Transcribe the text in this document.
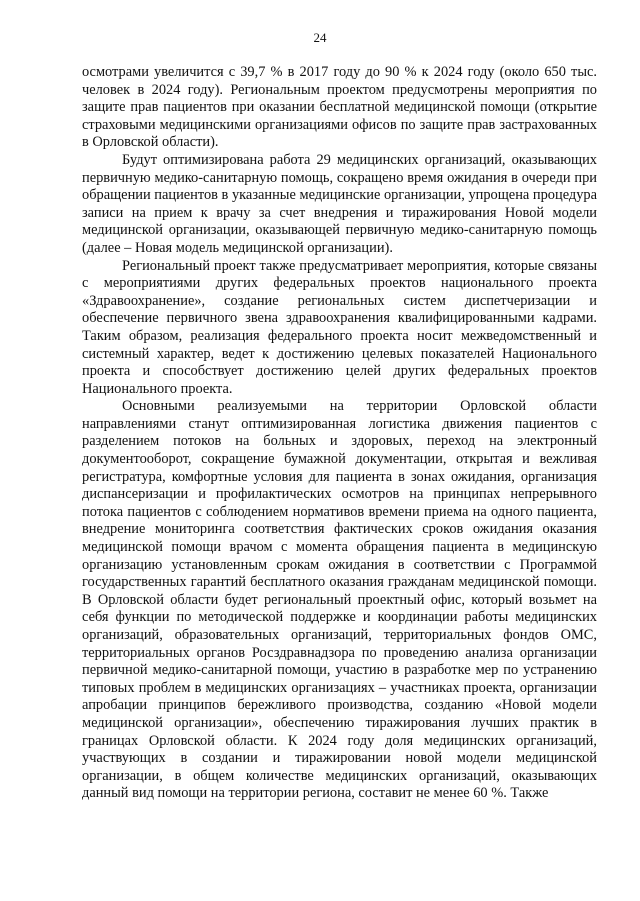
24

осмотрами увеличится с 39,7 % в 2017 году до 90 % к 2024 году (около 650 тыс. человек в 2024 году). Региональным проектом предусмотрены мероприятия по защите прав пациентов при оказании бесплатной медицинской помощи (открытие страховыми медицинскими организациями офисов по защите прав застрахованных в Орловской области).

Будут оптимизирована работа 29 медицинских организаций, оказывающих первичную медико-санитарную помощь, сокращено время ожидания в очереди при обращении пациентов в указанные медицинские организации, упрощена процедура записи на прием к врачу за счет внедрения и тиражирования Новой модели медицинской организации, оказывающей первичную медико-санитарную помощь (далее – Новая модель медицинской организации).

Региональный проект также предусматривает мероприятия, которые связаны с мероприятиями других федеральных проектов национального проекта «Здравоохранение», создание региональных систем диспетчеризации и обеспечение первичного звена здравоохранения квалифицированными кадрами. Таким образом, реализация федерального проекта носит межведомственный и системный характер, ведет к достижению целевых показателей Национального проекта и способствует достижению целей других федеральных проектов Национального проекта.

Основными реализуемыми на территории Орловской области направлениями станут оптимизированная логистика движения пациентов с разделением потоков на больных и здоровых, переход на электронный документооборот, сокращение бумажной документации, открытая и вежливая регистратура, комфортные условия для пациента в зонах ожидания, организация диспансеризации и профилактических осмотров на принципах непрерывного потока пациентов с соблюдением нормативов времени приема на одного пациента, внедрение мониторинга соответствия фактических сроков ожидания оказания медицинской помощи врачом с момента обращения пациента в медицинскую организацию установленным срокам ожидания в соответствии с Программой государственных гарантий бесплатного оказания гражданам медицинской помощи. В Орловской области будет региональный проектный офис, который возьмет на себя функции по методической поддержке и координации работы медицинских организаций, образовательных организаций, территориальных фондов ОМС, территориальных органов Росздравнадзора по проведению анализа организации первичной медико-санитарной помощи, участию в разработке мер по устранению типовых проблем в медицинских организациях – участниках проекта, организации апробации принципов бережливого производства, созданию «Новой модели медицинской организации», обеспечению тиражирования лучших практик в границах Орловской области. К 2024 году доля медицинских организаций, участвующих в создании и тиражировании новой модели медицинской организации, в общем количестве медицинских организаций, оказывающих данный вид помощи на территории региона, составит не менее 60 %. Также
